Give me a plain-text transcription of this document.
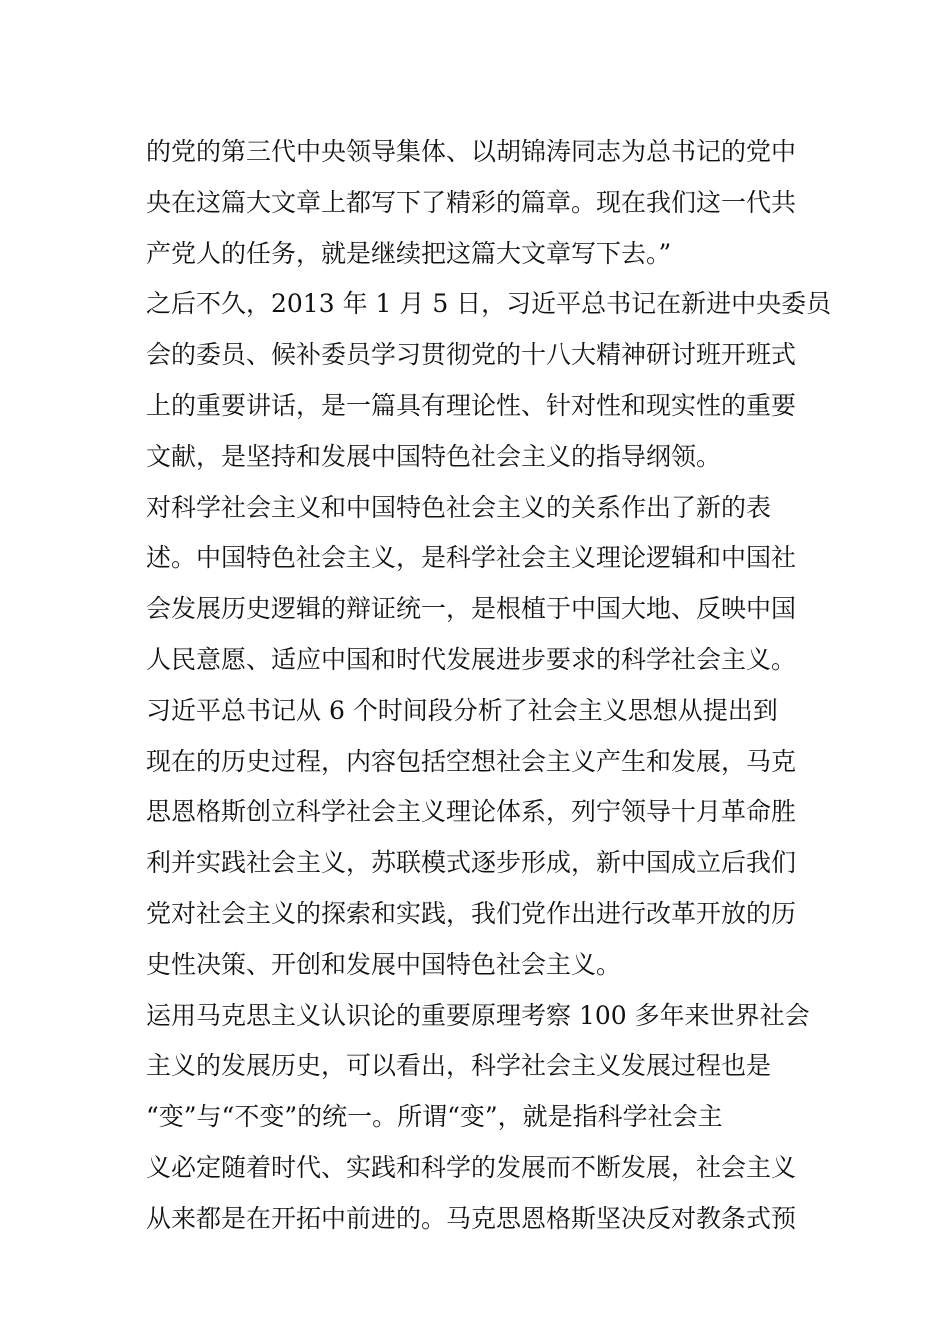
的党的第三代中央领导集体、以胡锦涛同志为总书记的党中
央在这篇大文章上都写下了精彩的篇章。现在我们这一代共
产党人的任务，就是继续把这篇大文章写下去。”
之后不久，2013 年 1 月 5 日，习近平总书记在新进中央委员
会的委员、候补委员学习贯彻党的十八大精神研讨班开班式
上的重要讲话，是一篇具有理论性、针对性和现实性的重要
文献，是坚持和发展中国特色社会主义的指导纲领。
对科学社会主义和中国特色社会主义的关系作出了新的表
述。中国特色社会主义，是科学社会主义理论逻辑和中国社
会发展历史逻辑的辩证统一，是根植于中国大地、反映中国
人民意愿、适应中国和时代发展进步要求的科学社会主义。
习近平总书记从 6 个时间段分析了社会主义思想从提出到
现在的历史过程，内容包括空想社会主义产生和发展，马克
思恩格斯创立科学社会主义理论体系，列宁领导十月革命胜
利并实践社会主义，苏联模式逐步形成，新中国成立后我们
党对社会主义的探索和实践，我们党作出进行改革开放的历
史性决策、开创和发展中国特色社会主义。
运用马克思主义认识论的重要原理考察 100 多年来世界社会
主义的发展历史，可以看出，科学社会主义发展过程也是
“变”与“不变”的统一。所谓“变”，就是指科学社会主
义必定随着时代、实践和科学的发展而不断发展，社会主义
从来都是在开拓中前进的。马克思恩格斯坚决反对教条式预
